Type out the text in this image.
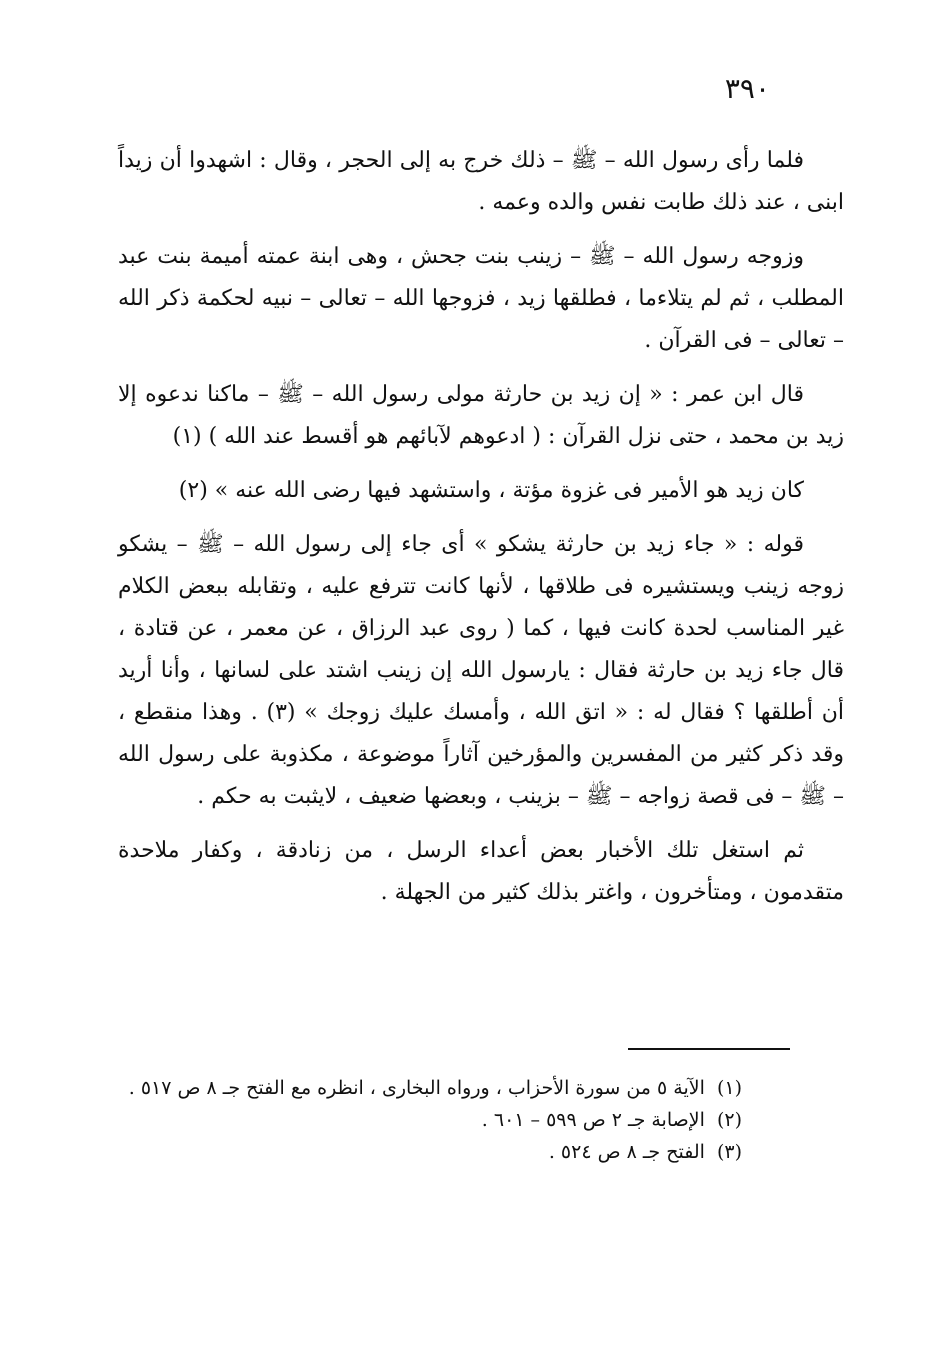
٣٩٠

فلما رأى رسول الله – ﷺ – ذلك خرج به إلى الحجر ، وقال : اشهدوا أن زيداً ابنى ، عند ذلك طابت نفس والده وعمه .

وزوجه رسول الله – ﷺ – زينب بنت جحش ، وهى ابنة عمته أميمة بنت عبد المطلب ، ثم لم يتلاءما ، فطلقها زيد ، فزوجها الله – تعالى – نبيه لحكمة ذكر الله – تعالى – فى القرآن .

قال ابن عمر : « إن زيد بن حارثة مولى رسول الله – ﷺ – ماكنا ندعوه إلا زيد بن محمد ، حتى نزل القرآن : ( ادعوهم لآبائهم هو أقسط عند الله ) (١)

كان زيد هو الأمير فى غزوة مؤتة ، واستشهد فيها رضى الله عنه » (٢)

قوله : « جاء زيد بن حارثة يشكو » أى جاء إلى رسول الله – ﷺ – يشكو زوجه زينب ويستشيره فى طلاقها ، لأنها كانت تترفع عليه ، وتقابله ببعض الكلام غير المناسب لحدة كانت فيها ، كما ( روى عبد الرزاق ، عن معمر ، عن قتادة ، قال جاء زيد بن حارثة فقال : يارسول الله إن زينب اشتد على لسانها ، وأنا أريد أن أطلقها ؟ فقال له : « اتق الله ، وأمسك عليك زوجك » (٣) . وهذا منقطع ، وقد ذكر كثير من المفسرين والمؤرخين آثاراً موضوعة ، مكذوبة على رسول الله – ﷺ – فى قصة زواجه – ﷺ – بزينب ، وبعضها ضعيف ، لايثبت به حكم .

ثم استغل تلك الأخبار بعض أعداء الرسل ، من زنادقة ، وكفار ملاحدة متقدمون ، ومتأخرون ، واغتر بذلك كثير من الجهلة .

(١) الآية ٥ من سورة الأحزاب ، ورواه البخارى ، انظره مع الفتح جـ ٨ ص ٥١٧ .

(٢) الإصابة جـ ٢ ص ٥٩٩ – ٦٠١ .

(٣) الفتح جـ ٨ ص ٥٢٤ .
